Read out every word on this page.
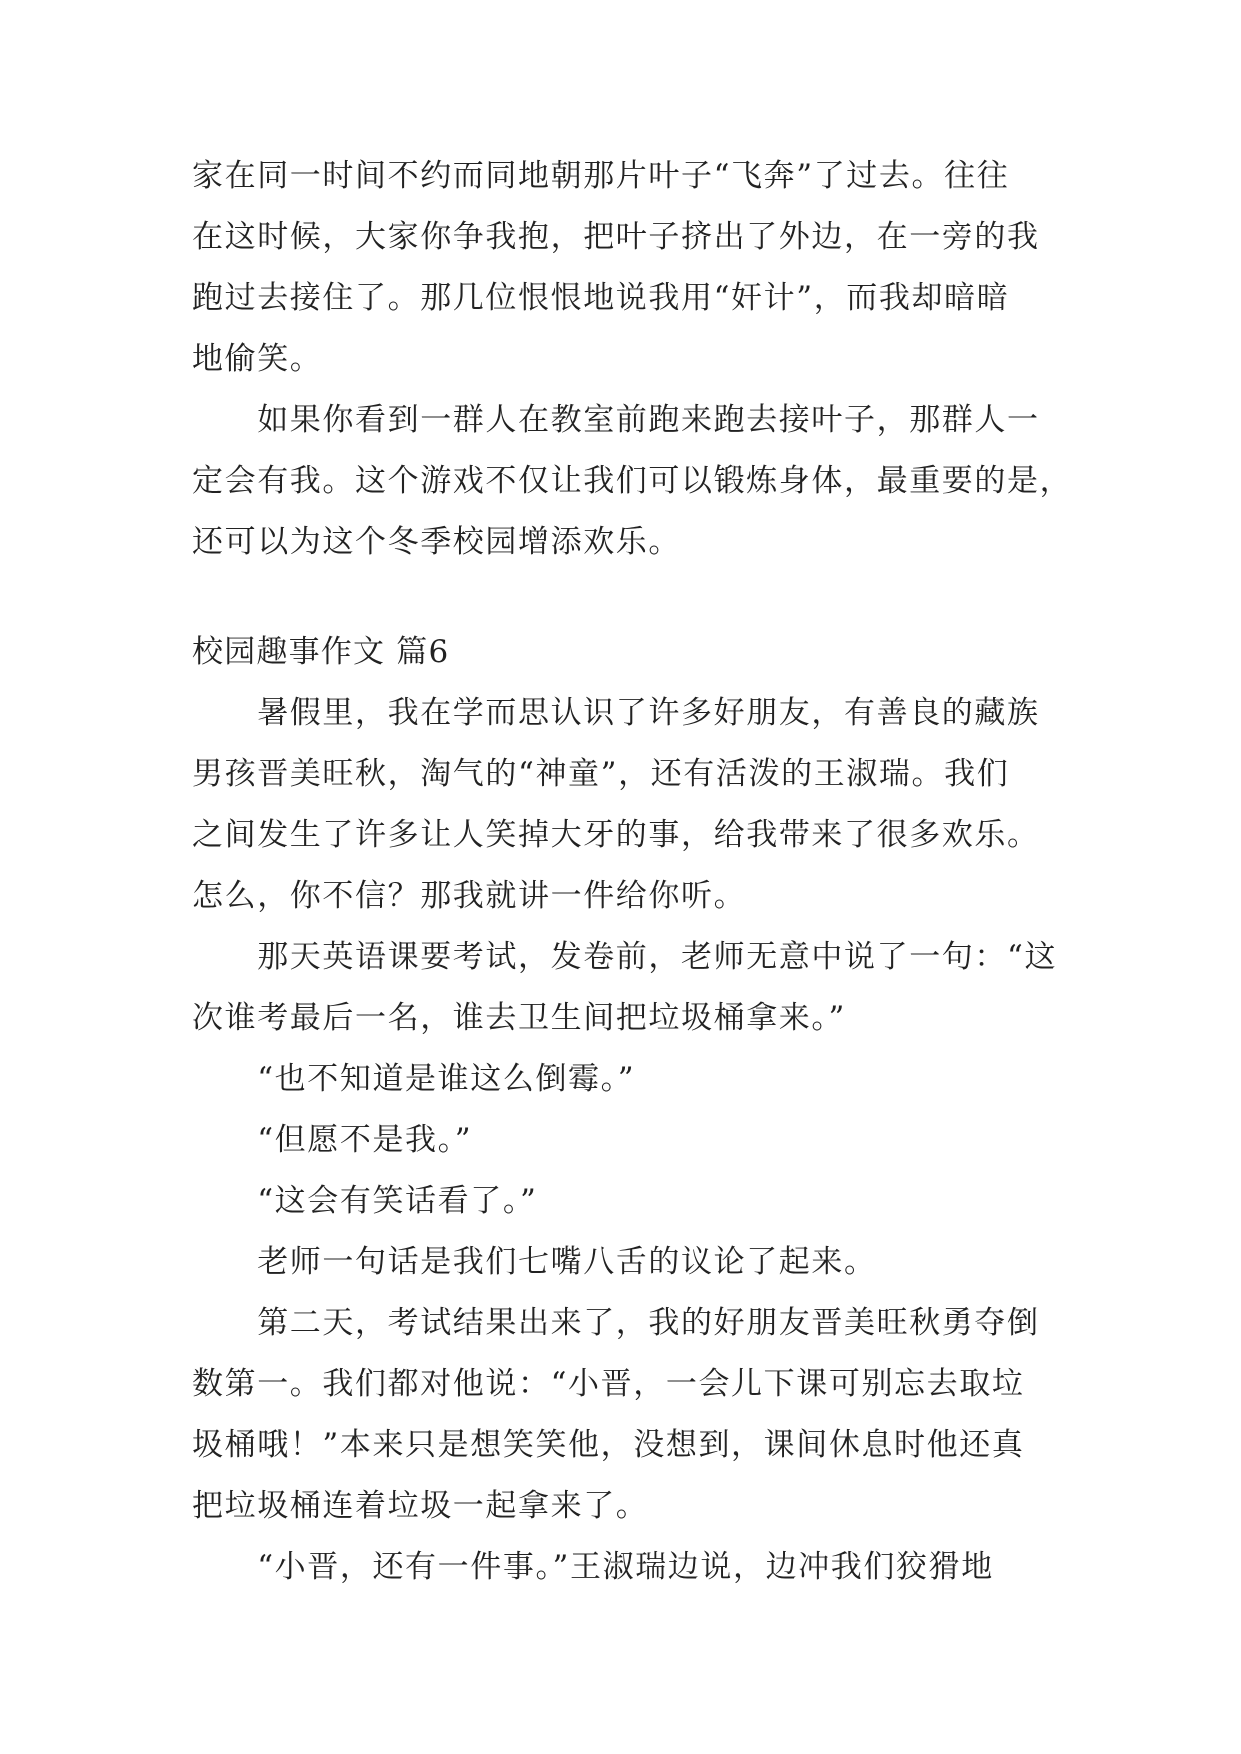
家在同一时间不约而同地朝那片叶子“飞奔”了过去。往往
在这时候，大家你争我抱，把叶子挤出了外边，在一旁的我
跑过去接住了。那几位恨恨地说我用“奸计”，而我却暗暗
地偷笑。
　　如果你看到一群人在教室前跑来跑去接叶子，那群人一
定会有我。这个游戏不仅让我们可以锻炼身体，最重要的是，
还可以为这个冬季校园增添欢乐。
校园趣事作文 篇6
　　暑假里，我在学而思认识了许多好朋友，有善良的藏族
男孩晋美旺秋，淘气的“神童”，还有活泼的王淑瑞。我们
之间发生了许多让人笑掉大牙的事，给我带来了很多欢乐。
怎么，你不信？那我就讲一件给你听。
　　那天英语课要考试，发卷前，老师无意中说了一句：“这
次谁考最后一名，谁去卫生间把垃圾桶拿来。”
　　“也不知道是谁这么倒霉。”
　　“但愿不是我。”
　　“这会有笑话看了。”
　　老师一句话是我们七嘴八舌的议论了起来。
　　第二天，考试结果出来了，我的好朋友晋美旺秋勇夺倒
数第一。我们都对他说：“小晋，一会儿下课可别忘去取垃
圾桶哦！”本来只是想笑笑他，没想到，课间休息时他还真
把垃圾桶连着垃圾一起拿来了。
　　“小晋，还有一件事。”王淑瑞边说，边冲我们狡猾地
